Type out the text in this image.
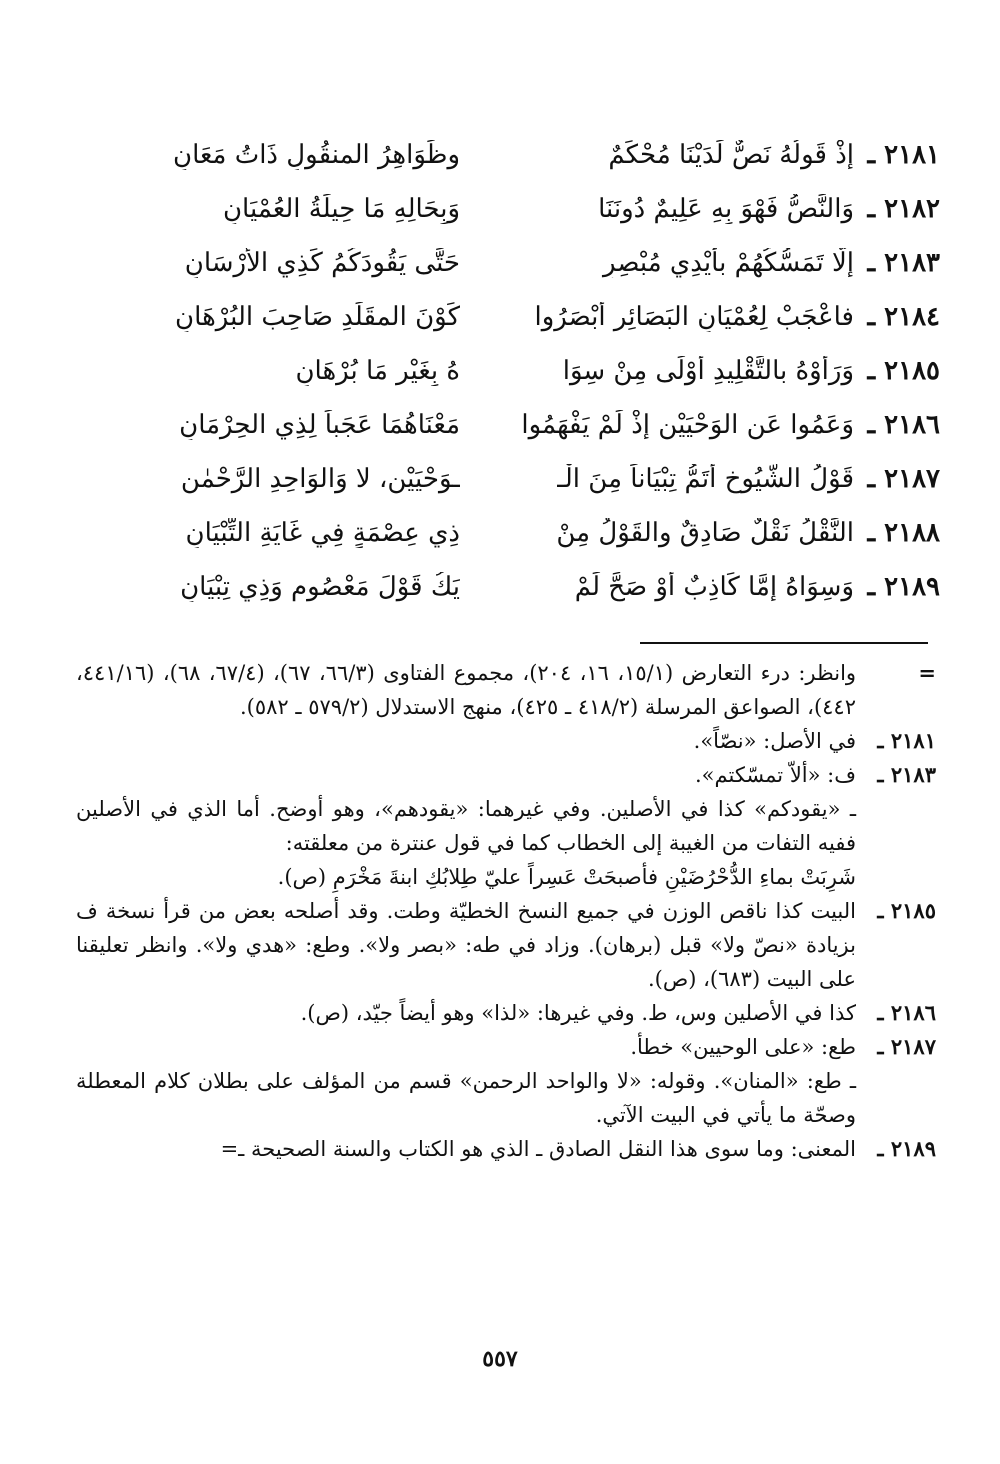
٢١٨١ ـ
إذْ قَولُهُ نَصٌّ لَدَيْنَا مُحْكَمٌ
وظَوَاهِرُ المنقُولِ ذَاتُ مَعَانِ
٢١٨٢ ـ
وَالنَّصُّ فَهْوَ بِهِ عَلِيمٌ دُونَنَا
وَبِحَالِهِ مَا حِيلَةُ العُمْيَانِ
٢١٨٣ ـ
إلّا تَمَسُّكُهُمْ بأيْدِي مُبْصِرٍ
حَتَّى يَقُودَكُمُ كَذِي الأرْسَانِ
٢١٨٤ ـ
فاعْجَبْ لِعُمْيَانِ البَصَائِرِ أبْصَرُوا
كَوْنَ المقَلِّدِ صَاحِبَ البُرْهَانِ
٢١٨٥ ـ
وَرَأوْهُ بالتَّقْلِيدِ أوْلَى مِنْ سِوَا
هُ بِغَيْرِ مَا بُرْهَانِ
٢١٨٦ ـ
وَعَمُوا عَنِ الوَحْيَيْنِ إذْ لَمْ يَفْهَمُوا
مَعْنَاهُمَا عَجَباً لِذِي الحِرْمَانِ
٢١٨٧ ـ
قَوْلُ الشُّيُوخِ أتَمُّ تِبْيَاناً مِنَ الْـ
ـوَحْيَيْنِ، لا وَالوَاحِدِ الرَّحْمٰنِ
٢١٨٨ ـ
النَّقْلُ نَقْلٌ صَادِقٌ والقَوْلُ مِنْ
ذِي عِصْمَةٍ فِي غَايَةِ التِّبْيَانِ
٢١٨٩ ـ
وَسِوَاهُ إمَّا كَاذِبٌ أوْ صَحَّ لَمْ
يَكُ قَوْلَ مَعْصُومٍ وَذِي تِبْيَانِ
=
وانظر: درء التعارض (١٥/١، ١٦، ٢٠٤)، مجموع الفتاوى (٦٦/٣، ٦٧)، (٦٧/٤، ٦٨)، (٤٤١/١٦، ٤٤٢)، الصواعق المرسلة (٤١٨/٢ ـ ٤٢٥)، منهج الاستدلال (٥٧٩/٢ ـ ٥٨٢).
٢١٨١ ـ
في الأصل: «نصّاً».
٢١٨٣ ـ
ف: «ألاّ تمسّكتم».
ـ «يقودكم» كذا في الأصلين. وفي غيرهما: «يقودهم»، وهو أوضح. أما الذي في الأصلين ففيه التفات من الغيبة إلى الخطاب كما في قول عنترة من معلقته:
شَرِبَتْ بماءِ الدُّحْرُضَيْنِ فأصبحَتْ عَسِراً عليّ طِلابُكِ ابنةَ مَخْرَمِ (ص).
٢١٨٥ ـ
البيت كذا ناقص الوزن في جميع النسخ الخطيّة وطت. وقد أصلحه بعض من قرأ نسخة ف بزيادة «نصّ ولا» قبل (برهان). وزاد في طه: «بصر ولا». وطع: «هدي ولا». وانظر تعليقنا على البيت (٦٨٣)، (ص).
٢١٨٦ ـ
كذا في الأصلين وس، ط. وفي غيرها: «لذا» وهو أيضاً جيّد، (ص).
٢١٨٧ ـ
طع: «على الوحيين» خطأ.
ـ طع: «المنان». وقوله: «لا والواحد الرحمن» قسم من المؤلف على بطلان كلام المعطلة وصحّة ما يأتي في البيت الآتي.
٢١٨٩ ـ
المعنى: وما سوى هذا النقل الصادق ـ الذي هو الكتاب والسنة الصحيحة ـ=
٥٥٧
